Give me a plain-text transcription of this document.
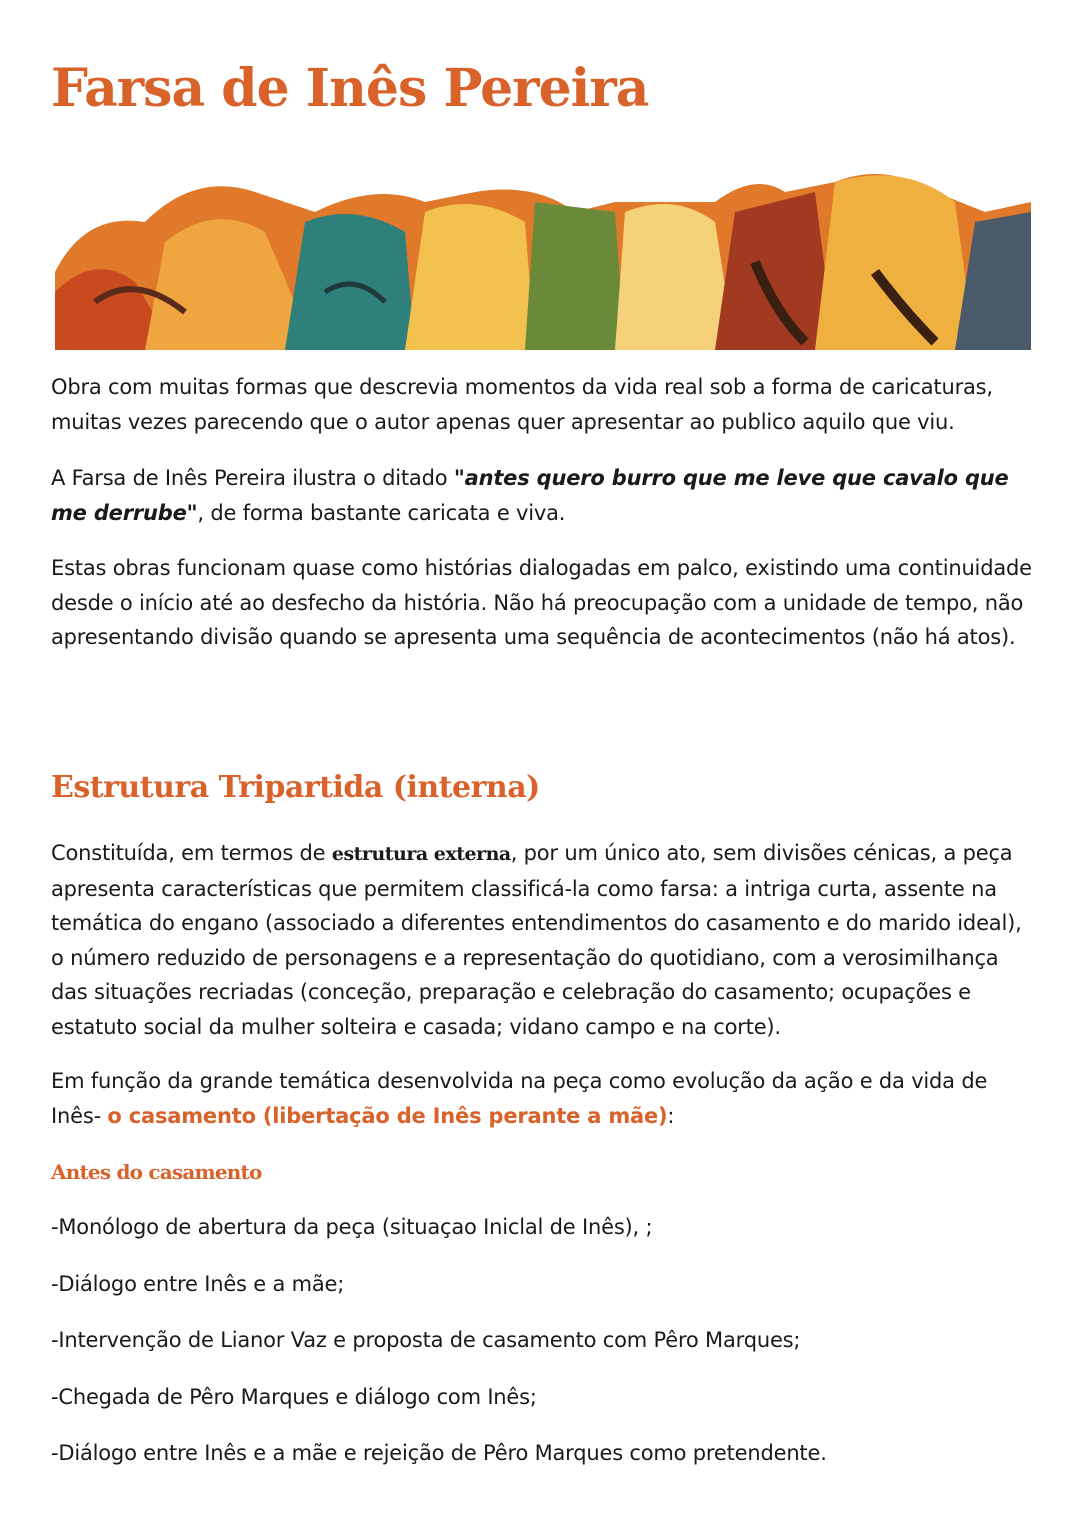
Farsa de Inês Pereira

Obra com muitas formas que descrevia momentos da vida real sob a forma de caricaturas, muitas vezes parecendo que o autor apenas quer apresentar ao publico aquilo que viu.

A Farsa de Inês Pereira ilustra o ditado "antes quero burro que me leve que cavalo que me derrube", de forma bastante caricata e viva.

Estas obras funcionam quase como histórias dialogadas em palco, existindo uma continuidade desde o início até ao desfecho da história. Não há preocupação com a unidade de tempo, não apresentando divisão quando se apresenta uma sequência de acontecimentos (não há atos).

Estrutura Tripartida (interna)

Constituída, em termos de estrutura externa, por um único ato, sem divisões cénicas, a peça apresenta características que permitem classificá-la como farsa: a intriga curta, assente na temática do engano (associado a diferentes entendimentos do casamento e do marido ideal), o número reduzido de personagens e a representação do quotidiano, com a verosimilhança das situações recriadas (conceção, preparação e celebração do casamento; ocupações e estatuto social da mulher solteira e casada; vidano campo e na corte).

Em função da grande temática desenvolvida na peça como evolução da ação e da vida de Inês- o casamento (libertação de Inês perante a mãe):

Antes do casamento

-Monólogo de abertura da peça (situaçao Iniclal de Inês), ;

-Diálogo entre Inês e a mãe;

-Intervenção de Lianor Vaz e proposta de casamento com Pêro Marques;

-Chegada de Pêro Marques e diálogo com Inês;

-Diálogo entre Inês e a mãe e rejeição de Pêro Marques como pretendente.
